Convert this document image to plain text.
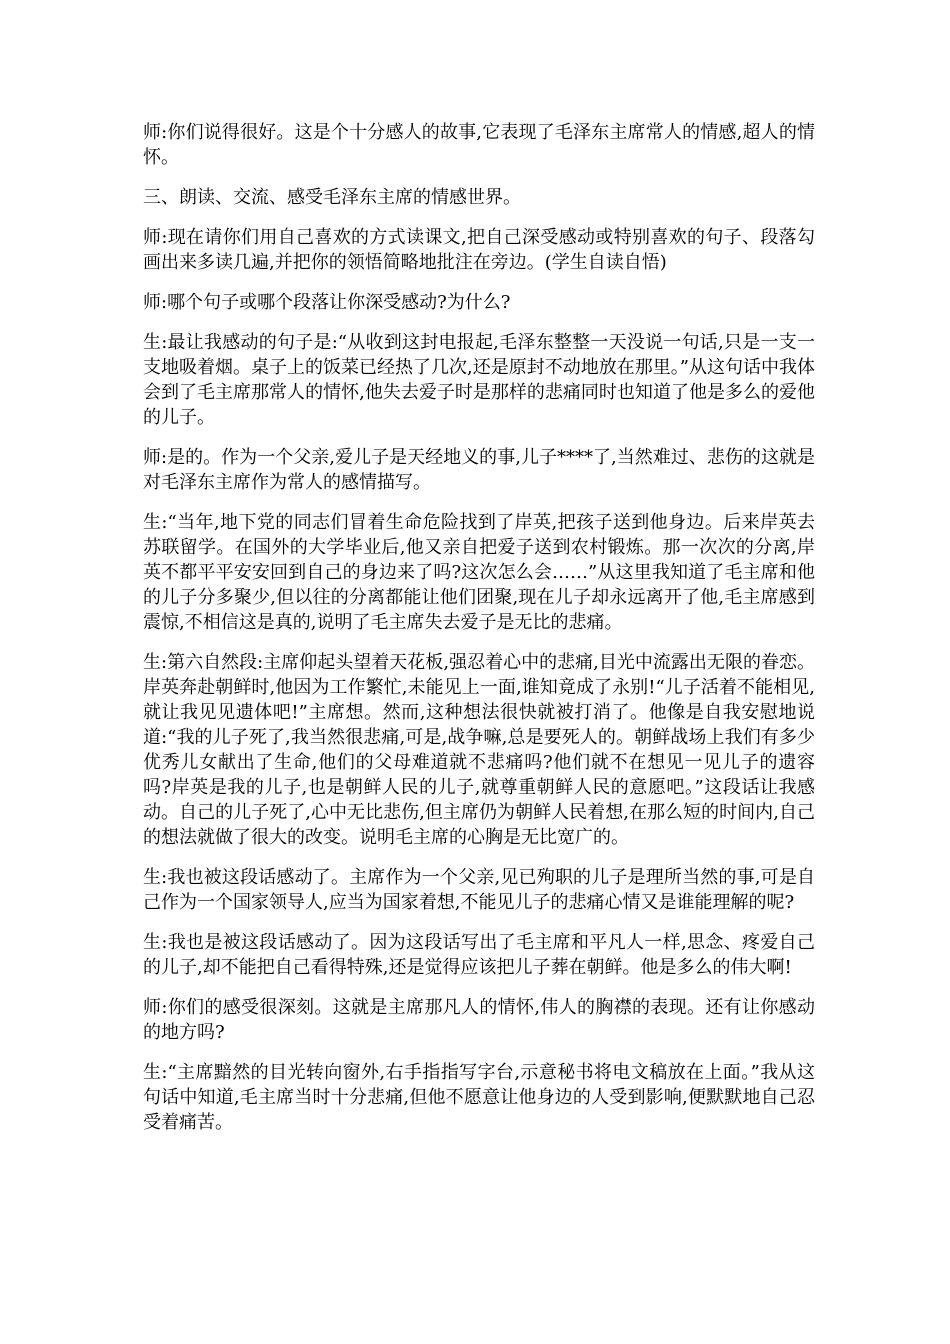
师:你们说得很好。这是个十分感人的故事,它表现了毛泽东主席常人的情感,超人的情怀。

三、朗读、交流、感受毛泽东主席的情感世界。

师:现在请你们用自己喜欢的方式读课文,把自己深受感动或特别喜欢的句子、段落勾画出来多读几遍,并把你的领悟简略地批注在旁边。(学生自读自悟)

师:哪个句子或哪个段落让你深受感动?为什么?

生:最让我感动的句子是:“从收到这封电报起,毛泽东整整一天没说一句话,只是一支一支地吸着烟。桌子上的饭菜已经热了几次,还是原封不动地放在那里。”从这句话中我体会到了毛主席那常人的情怀,他失去爱子时是那样的悲痛同时也知道了他是多么的爱他的儿子。

师:是的。作为一个父亲,爱儿子是天经地义的事,儿子****了,当然难过、悲伤的这就是对毛泽东主席作为常人的感情描写。

生:“当年,地下党的同志们冒着生命危险找到了岸英,把孩子送到他身边。后来岸英去苏联留学。在国外的大学毕业后,他又亲自把爱子送到农村锻炼。那一次次的分离,岸英不都平平安安回到自己的身边来了吗?这次怎么会……”从这里我知道了毛主席和他的儿子分多聚少,但以往的分离都能让他们团聚,现在儿子却永远离开了他,毛主席感到震惊,不相信这是真的,说明了毛主席失去爱子是无比的悲痛。

生:第六自然段:主席仰起头望着天花板,强忍着心中的悲痛,目光中流露出无限的眷恋。岸英奔赴朝鲜时,他因为工作繁忙,未能见上一面,谁知竟成了永别!“儿子活着不能相见,就让我见见遗体吧!”主席想。然而,这种想法很快就被打消了。他像是自我安慰地说道:“我的儿子死了,我当然很悲痛,可是,战争嘛,总是要死人的。朝鲜战场上我们有多少优秀儿女献出了生命,他们的父母难道就不悲痛吗?他们就不在想见一见儿子的遗容吗?岸英是我的儿子,也是朝鲜人民的儿子,就尊重朝鲜人民的意愿吧。”这段话让我感动。自己的儿子死了,心中无比悲伤,但主席仍为朝鲜人民着想,在那么短的时间内,自己的想法就做了很大的改变。说明毛主席的心胸是无比宽广的。

生:我也被这段话感动了。主席作为一个父亲,见已殉职的儿子是理所当然的事,可是自己作为一个国家领导人,应当为国家着想,不能见儿子的悲痛心情又是谁能理解的呢?

生:我也是被这段话感动了。因为这段话写出了毛主席和平凡人一样,思念、疼爱自己的儿子,却不能把自己看得特殊,还是觉得应该把儿子葬在朝鲜。他是多么的伟大啊!

师:你们的感受很深刻。这就是主席那凡人的情怀,伟人的胸襟的表现。还有让你感动的地方吗?

生:“主席黯然的目光转向窗外,右手指指写字台,示意秘书将电文稿放在上面。”我从这句话中知道,毛主席当时十分悲痛,但他不愿意让他身边的人受到影响,便默默地自己忍受着痛苦。
